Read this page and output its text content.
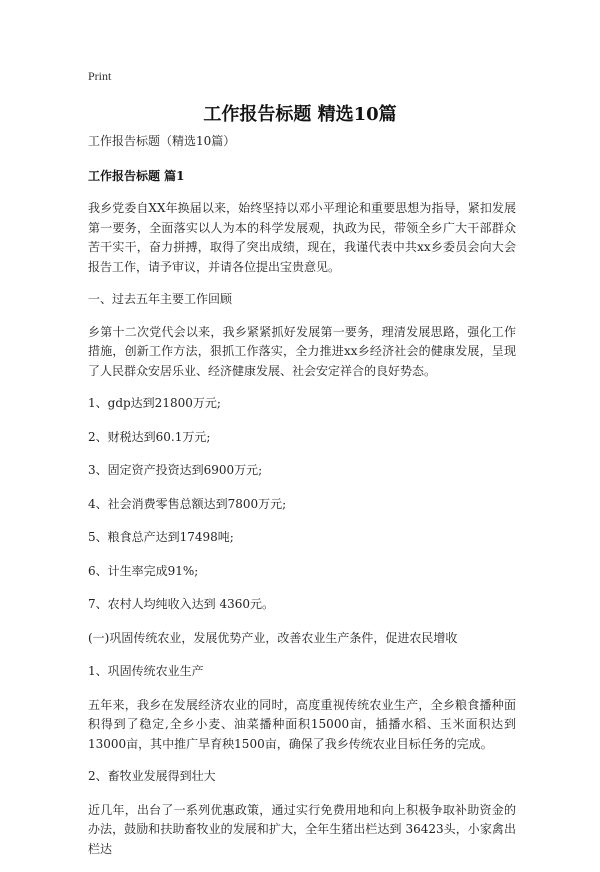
Print
工作报告标题 精选10篇

工作报告标题（精选10篇）

工作报告标题 篇1

我乡党委自XX年换届以来，始终坚持以邓小平理论和重要思想为指导，紧扣发展第一要务，全面落实以人为本的科学发展观，执政为民，带领全乡广大干部群众苦干实干，奋力拼搏，取得了突出成绩，现在，我谨代表中共xx乡委员会向大会报告工作，请予审议，并请各位提出宝贵意见。

一、过去五年主要工作回顾

乡第十二次党代会以来，我乡紧紧抓好发展第一要务，理清发展思路，强化工作措施，创新工作方法，狠抓工作落实，全力推进xx乡经济社会的健康发展，呈现了人民群众安居乐业、经济健康发展、社会安定祥合的良好势态。

1、gdp达到21800万元;

2、财税达到60.1万元;

3、固定资产投资达到6900万元;

4、社会消费零售总额达到7800万元;

5、粮食总产达到17498吨;

6、计生率完成91%;

7、农村人均纯收入达到 4360元。

(一)巩固传统农业，发展优势产业，改善农业生产条件，促进农民增收

1、巩固传统农业生产

五年来，我乡在发展经济农业的同时，高度重视传统农业生产，全乡粮食播种面积得到了稳定,全乡小麦、油菜播种面积15000亩，插播水稻、玉米面积达到13000亩，其中推广旱育秧1500亩，确保了我乡传统农业目标任务的完成。

2、畜牧业发展得到壮大

近几年，出台了一系列优惠政策，通过实行免费用地和向上积极争取补助资金的办法，鼓励和扶助畜牧业的发展和扩大，全年生猪出栏达到 36423头，小家禽出栏达
